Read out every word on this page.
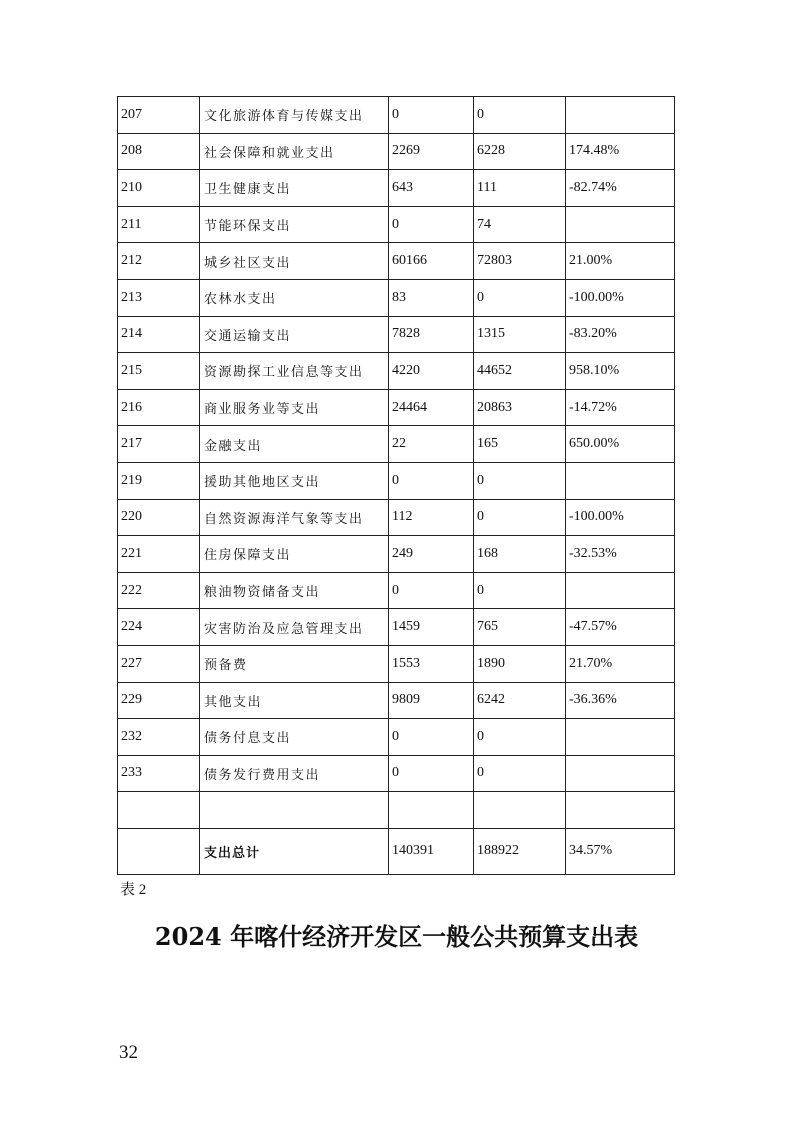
207	文化旅游体育与传媒支出	0	0	
208	社会保障和就业支出	2269	6228	174.48%
210	卫生健康支出	643	111	-82.74%
211	节能环保支出	0	74	
212	城乡社区支出	60166	72803	21.00%
213	农林水支出	83	0	-100.00%
214	交通运输支出	7828	1315	-83.20%
215	资源勘探工业信息等支出	4220	44652	958.10%
216	商业服务业等支出	24464	20863	-14.72%
217	金融支出	22	165	650.00%
219	援助其他地区支出	0	0	
220	自然资源海洋气象等支出	112	0	-100.00%
221	住房保障支出	249	168	-32.53%
222	粮油物资储备支出	0	0	
224	灾害防治及应急管理支出	1459	765	-47.57%
227	预备费	1553	1890	21.70%
229	其他支出	9809	6242	-36.36%
232	债务付息支出	0	0	
233	债务发行费用支出	0	0	

	支出总计	140391	188922	34.57%
表 2
2024 年喀什经济开发区一般公共预算支出表
32
